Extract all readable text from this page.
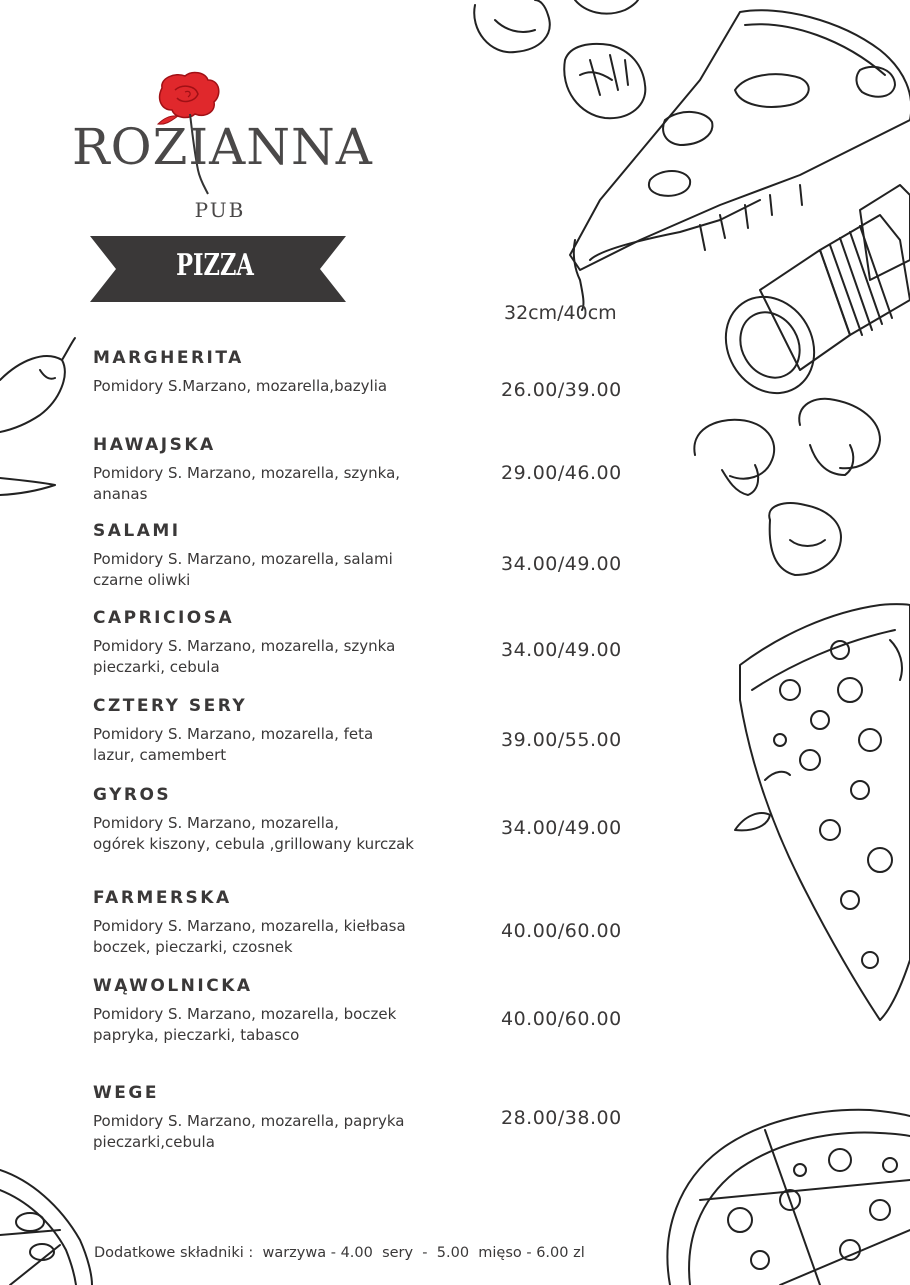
ROZIANNA
PUB
PIZZA
32cm/40cm
MARGHERITA
Pomidory S.Marzano, mozarella,bazylia	26.00/39.00
HAWAJSKA
Pomidory S. Marzano, mozarella, szynka,
ananas
29.00/46.00
SALAMI
Pomidory S. Marzano, mozarella, salami
czarne oliwki
34.00/49.00
CAPRICIOSA
Pomidory S. Marzano, mozarella, szynka
pieczarki, cebula
34.00/49.00
CZTERY SERY
Pomidory S. Marzano, mozarella, feta
lazur, camembert
39.00/55.00
GYROS
Pomidory S. Marzano, mozarella,
ogórek kiszony, cebula ,grillowany kurczak
34.00/49.00
FARMERSKA
Pomidory S. Marzano, mozarella, kiełbasa
boczek, pieczarki, czosnek
40.00/60.00
WĄWOLNICKA
Pomidory S. Marzano, mozarella, boczek
papryka, pieczarki, tabasco
40.00/60.00
WEGE
Pomidory S. Marzano, mozarella, papryka
pieczarki,cebula
28.00/38.00
Dodatkowe składniki :  warzywa - 4.00  sery  -  5.00  mięso - 6.00 zl
